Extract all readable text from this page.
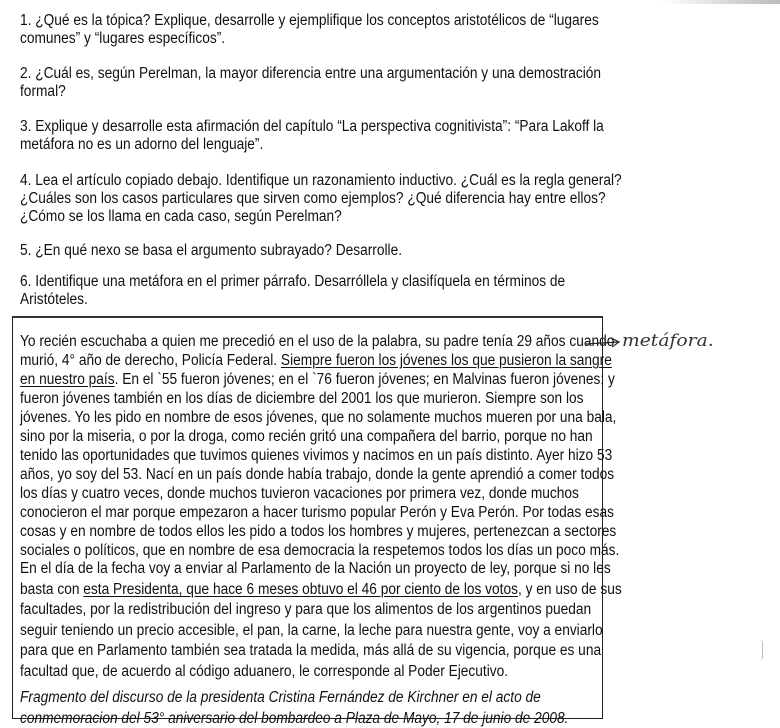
metáfora.
1. ¿Qué es la tópica? Explique, desarrolle y ejemplifique los conceptos aristotélicos de “lugares
comunes” y “lugares específicos”.
2. ¿Cuál es, según Perelman, la mayor diferencia entre una argumentación y una demostración
formal?
3. Explique y desarrolle esta afirmación del capítulo “La perspectiva cognitivista”: “Para Lakoff la
metáfora no es un adorno del lenguaje”.
4. Lea el artículo copiado debajo. Identifique un razonamiento inductivo. ¿Cuál es la regla general?
¿Cuáles son los casos particulares que sirven como ejemplos? ¿Qué diferencia hay entre ellos?
¿Cómo se los llama en cada caso, según Perelman?
5. ¿En qué nexo se basa el argumento subrayado? Desarrolle.
6. Identifique una metáfora en el primer párrafo. Desarróllela y clasifíquela en términos de
Aristóteles.
Yo recién escuchaba a quien me precedió en el uso de la palabra, su padre tenía 29 años cuando
murió, 4° año de derecho, Policía Federal. Siempre fueron los jóvenes los que pusieron la sangre
en nuestro país. En el `55 fueron jóvenes; en el `76 fueron jóvenes; en Malvinas fueron jóvenes; y
fueron jóvenes también en los días de diciembre del 2001 los que murieron. Siempre son los
jóvenes. Yo les pido en nombre de esos jóvenes, que no solamente muchos mueren por una bala,
sino por la miseria, o por la droga, como recién gritó una compañera del barrio, porque no han
tenido las oportunidades que tuvimos quienes vivimos y nacimos en un país distinto. Ayer hizo 53
años, yo soy del 53. Nací en un país donde había trabajo, donde la gente aprendió a comer todos
los días y cuatro veces, donde muchos tuvieron vacaciones por primera vez, donde muchos
conocieron el mar porque empezaron a hacer turismo popular Perón y Eva Perón. Por todas esas
cosas y en nombre de todos ellos les pido a todos los hombres y mujeres, pertenezcan a sectores
sociales o políticos, que en nombre de esa democracia la respetemos todos los días un poco más.
En el día de la fecha voy a enviar al Parlamento de la Nación un proyecto de ley, porque si no les
basta con esta Presidenta, que hace 6 meses obtuvo el 46 por ciento de los votos, y en uso de sus
facultades, por la redistribución del ingreso y para que los alimentos de los argentinos puedan
seguir teniendo un precio accesible, el pan, la carne, la leche para nuestra gente, voy a enviarlo
para que en Parlamento también sea tratada la medida, más allá de su vigencia, porque es una
facultad que, de acuerdo al código aduanero, le corresponde al Poder Ejecutivo.
Fragmento del discurso de la presidenta Cristina Fernández de Kirchner en el acto de
conmemoracion del 53° aniversario del bombardeo a Plaza de Mayo, 17 de junio de 2008.
